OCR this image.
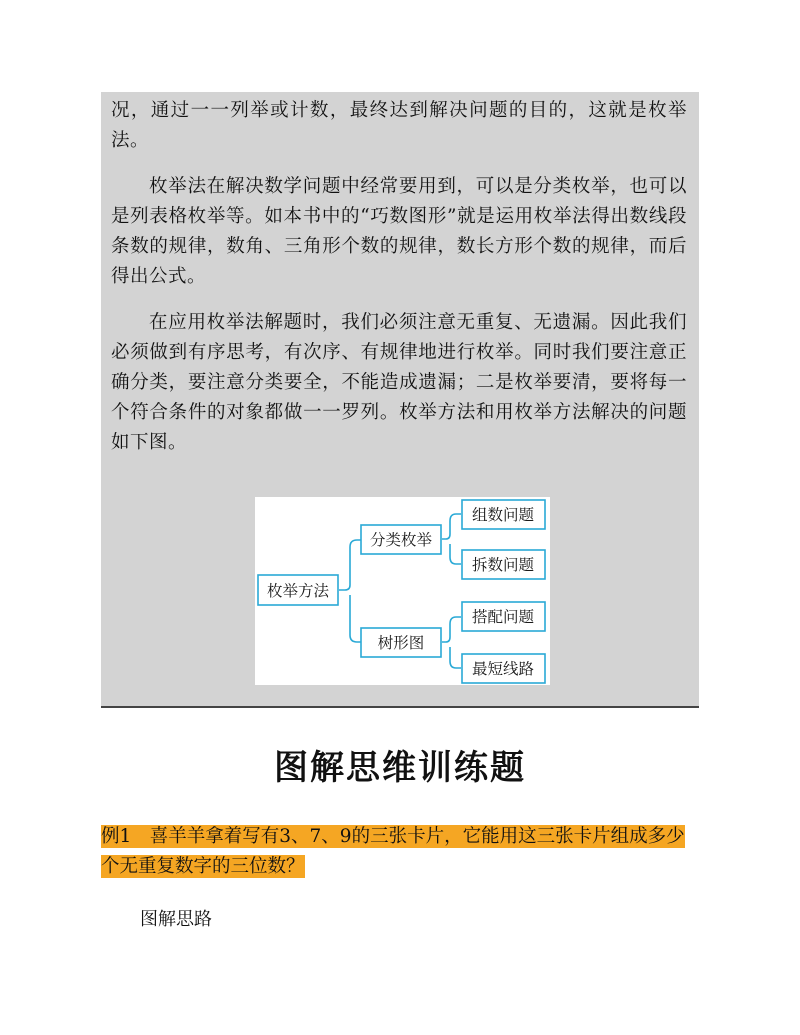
况，通过一一列举或计数，最终达到解决问题的目的，这就是枚举法。

枚举法在解决数学问题中经常要用到，可以是分类枚举，也可以是列表格枚举等。如本书中的“巧数图形”就是运用枚举法得出数线段条数的规律，数角、三角形个数的规律，数长方形个数的规律，而后得出公式。

在应用枚举法解题时，我们必须注意无重复、无遗漏。因此我们必须做到有序思考，有次序、有规律地进行枚举。同时我们要注意正确分类，要注意分类要全，不能造成遗漏；二是枚举要清，要将每一个符合条件的对象都做一一罗列。枚举方法和用枚举方法解决的问题如下图。

枚举方法
分类枚举
树形图
组数问题
拆数问题
搭配问题
最短线路
图解思维训练题

例1　喜羊羊拿着写有3、7、9的三张卡片，它能用这三张卡片组成多少个无重复数字的三位数？

图解思路
